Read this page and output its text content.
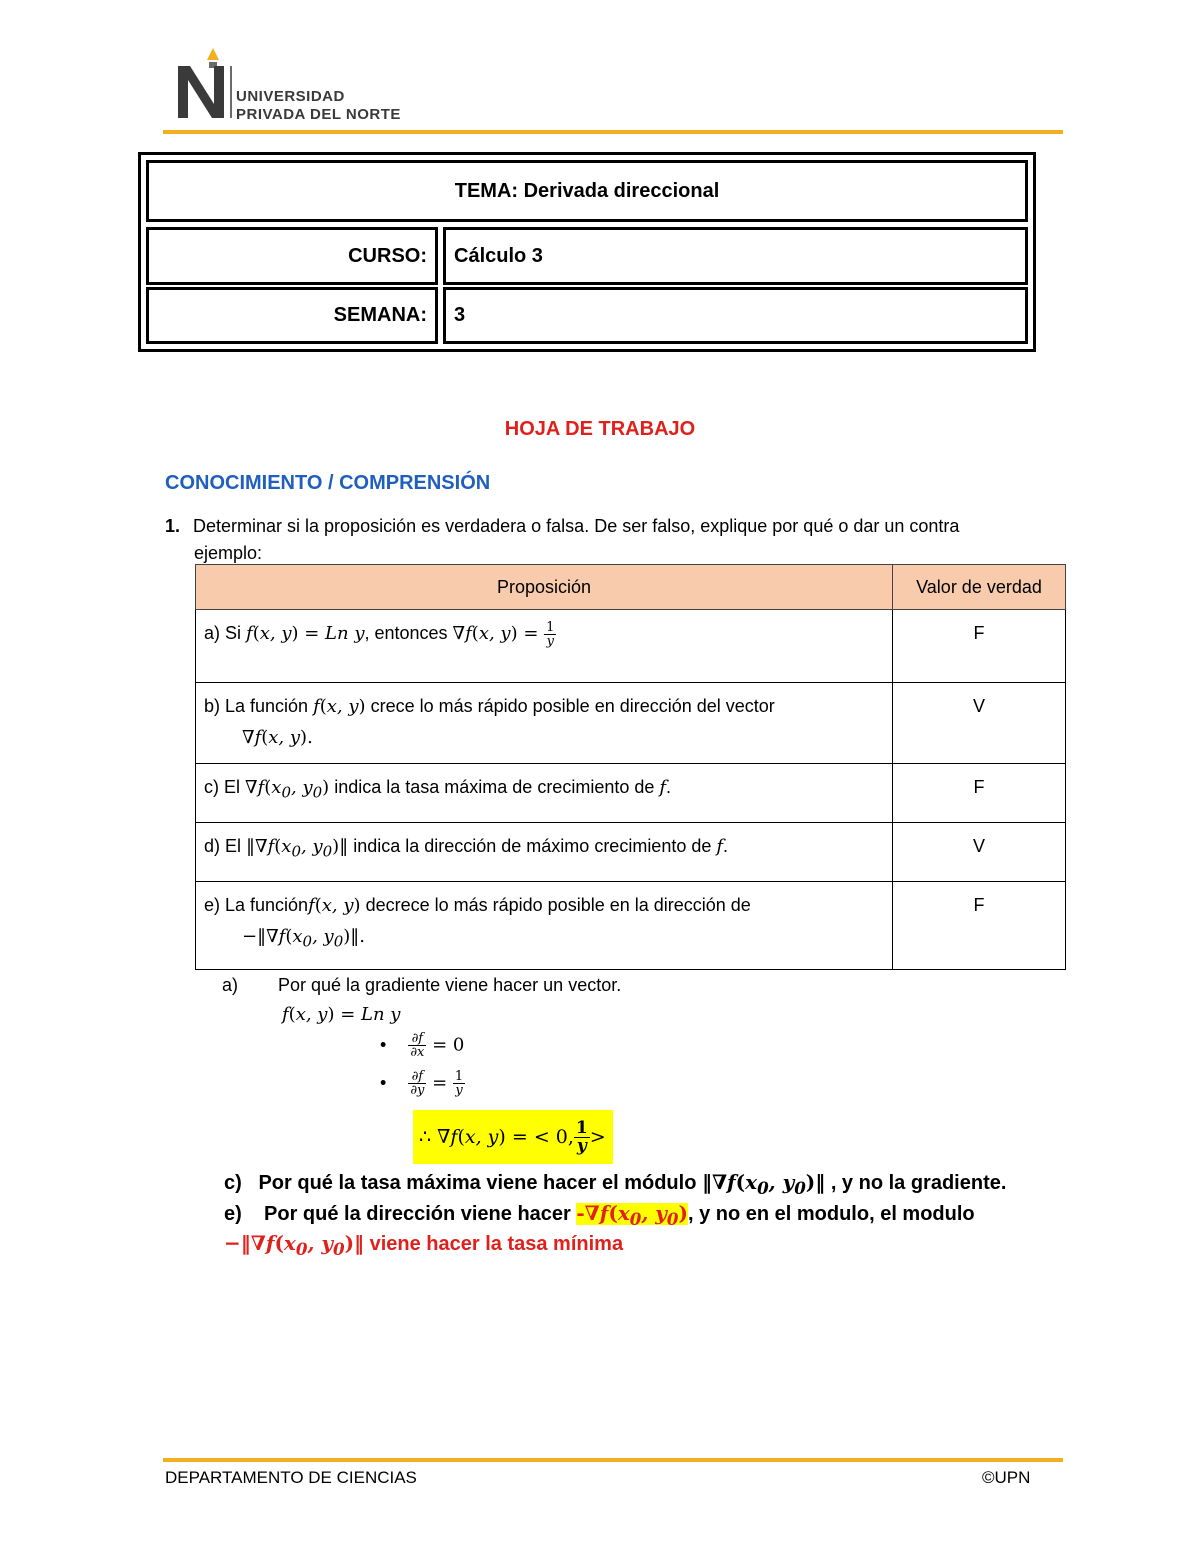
UNIVERSIDAD
PRIVADA DEL NORTE
TEMA: Derivada direccional
CURSO:	Cálculo 3
SEMANA:	3
HOJA DE TRABAJO
CONOCIMIENTO / COMPRENSIÓN
1. Determinar si la proposición es verdadera o falsa. De ser falso, explique por qué o dar un contra
ejemplo:
Proposición	Valor de verdad
a) Si f(x, y) = Ln y, entonces ∇f(x, $y) = \frac{1}{y}$	F
b) La función f(x, y) crece lo más rápido posible en dirección del vector
∇f(x, y).	V
c) El $\nabla f(x_0$, $y_0$) indica la tasa máxima de crecimiento de f.	F
d) El $‖\nabla f(x_0$, $y_0)‖$ indica la dirección de máximo crecimiento de f.	V
e) La funciónf(x, y) decrece lo más rápido posible en la dirección de
$-‖\nabla f(x_0$, $y_0)‖$.	F
a) Por qué la gradiente viene hacer un vector.
f(x, y) = Ln y
• $\frac{\partial f}{\partial x} = 0$
• $\frac{\partial f}{\partial y} = \frac{1}{y}$
∴ ∇ f ( x, y ) = < 0, $\frac{1}{y}$ >
c) Por qué la tasa máxima viene hacer el módulo $‖\nabla f(x_0$, $y_0)‖$ , y no la gradiente.
e) Por qué la dirección viene hacer $-\nabla f(x_0$, $y_0$), y no en el modulo, el modulo
$-‖\nabla f(x_0$, $y_0)‖$ viene hacer la tasa mínima
DEPARTAMENTO DE CIENCIAS	©UPN
